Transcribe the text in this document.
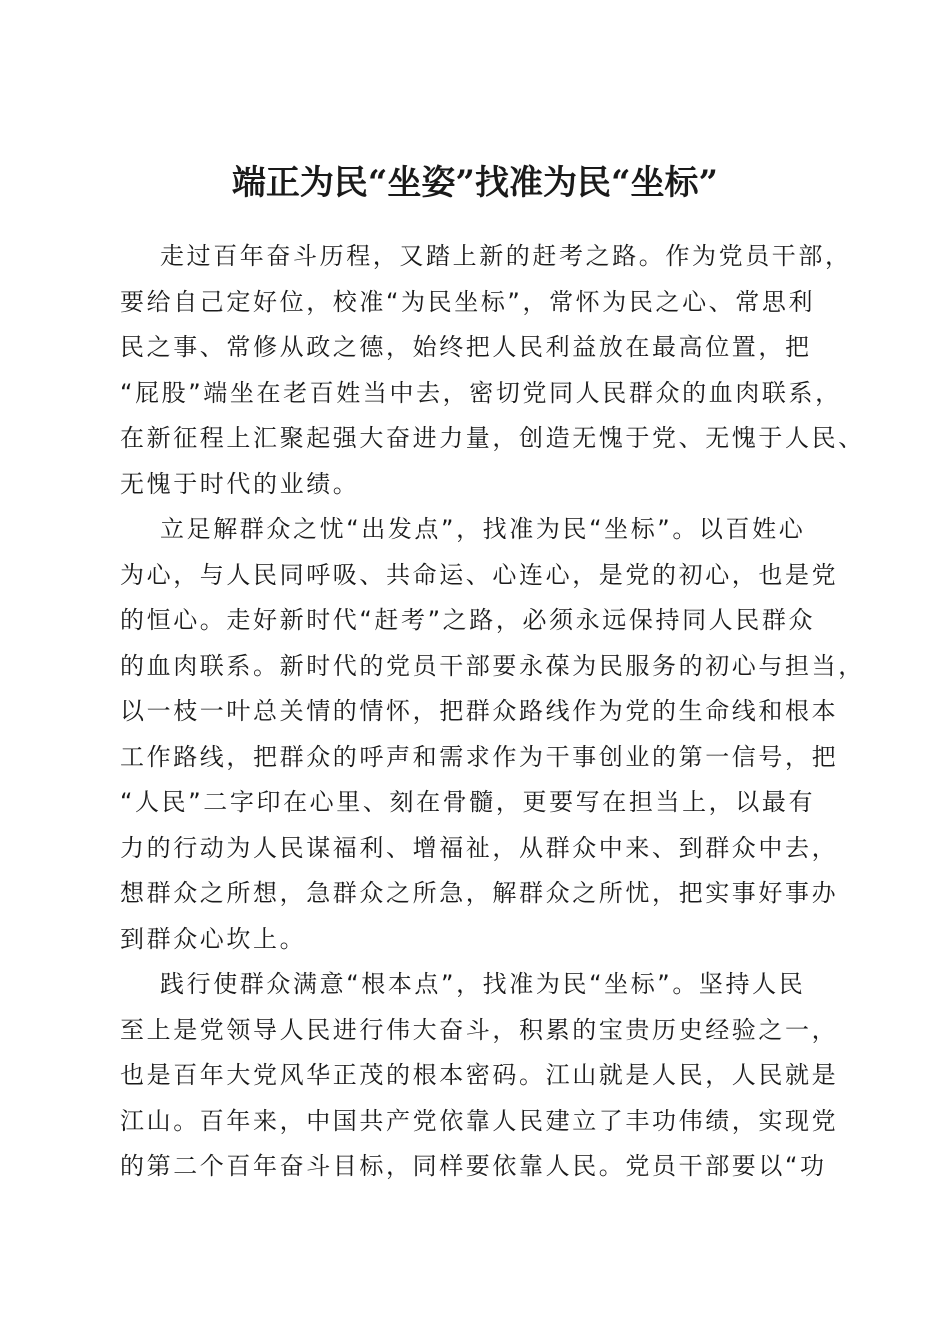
端正为民“坐姿”找准为民“坐标”

走过百年奋斗历程，又踏上新的赶考之路。作为党员干部，
要给自己定好位，校准“为民坐标”，常怀为民之心、常思利
民之事、常修从政之德，始终把人民利益放在最高位置，把
“屁股”端坐在老百姓当中去，密切党同人民群众的血肉联系，
在新征程上汇聚起强大奋进力量，创造无愧于党、无愧于人民、
无愧于时代的业绩。

立足解群众之忧“出发点”，找准为民“坐标”。以百姓心
为心，与人民同呼吸、共命运、心连心，是党的初心，也是党
的恒心。走好新时代“赶考”之路，必须永远保持同人民群众
的血肉联系。新时代的党员干部要永葆为民服务的初心与担当，
以一枝一叶总关情的情怀，把群众路线作为党的生命线和根本
工作路线，把群众的呼声和需求作为干事创业的第一信号，把
“人民”二字印在心里、刻在骨髓，更要写在担当上，以最有
力的行动为人民谋福利、增福祉，从群众中来、到群众中去，
想群众之所想，急群众之所急，解群众之所忧，把实事好事办
到群众心坎上。

践行使群众满意“根本点”，找准为民“坐标”。坚持人民
至上是党领导人民进行伟大奋斗，积累的宝贵历史经验之一，
也是百年大党风华正茂的根本密码。江山就是人民，人民就是
江山。百年来，中国共产党依靠人民建立了丰功伟绩，实现党
的第二个百年奋斗目标，同样要依靠人民。党员干部要以“功
